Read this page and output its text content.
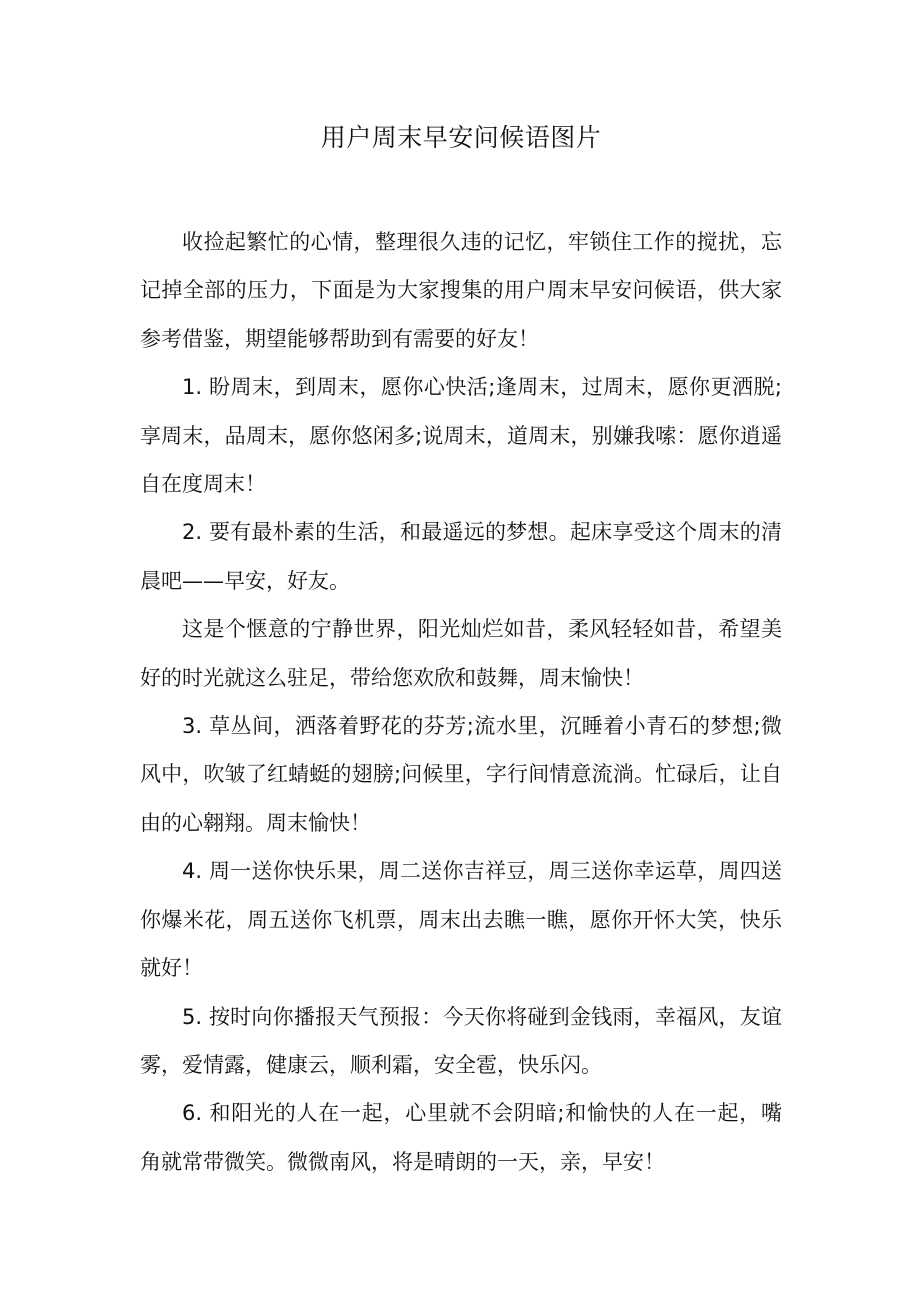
用户周末早安问候语图片

收捡起繁忙的心情，整理很久违的记忆，牢锁住工作的搅扰，忘记掉全部的压力，下面是为大家搜集的用户周末早安问候语，供大家参考借鉴，期望能够帮助到有需要的好友！

1. 盼周末，到周末，愿你心快活;逢周末，过周末，愿你更洒脱;享周末，品周末，愿你悠闲多;说周末，道周末，别嫌我嗦：愿你逍遥自在度周末！

2. 要有最朴素的生活，和最遥远的梦想。起床享受这个周末的清晨吧——早安，好友。

这是个惬意的宁静世界，阳光灿烂如昔，柔风轻轻如昔，希望美好的时光就这么驻足，带给您欢欣和鼓舞，周末愉快！

3. 草丛间，洒落着野花的芬芳;流水里，沉睡着小青石的梦想;微风中，吹皱了红蜻蜓的翅膀;问候里，字行间情意流淌。忙碌后，让自由的心翱翔。周末愉快！

4. 周一送你快乐果，周二送你吉祥豆，周三送你幸运草，周四送你爆米花，周五送你飞机票，周末出去瞧一瞧，愿你开怀大笑，快乐就好！

5. 按时向你播报天气预报：今天你将碰到金钱雨，幸福风，友谊雾，爱情露，健康云，顺利霜，安全雹，快乐闪。

6. 和阳光的人在一起，心里就不会阴暗;和愉快的人在一起，嘴角就常带微笑。微微南风，将是晴朗的一天，亲，早安！
